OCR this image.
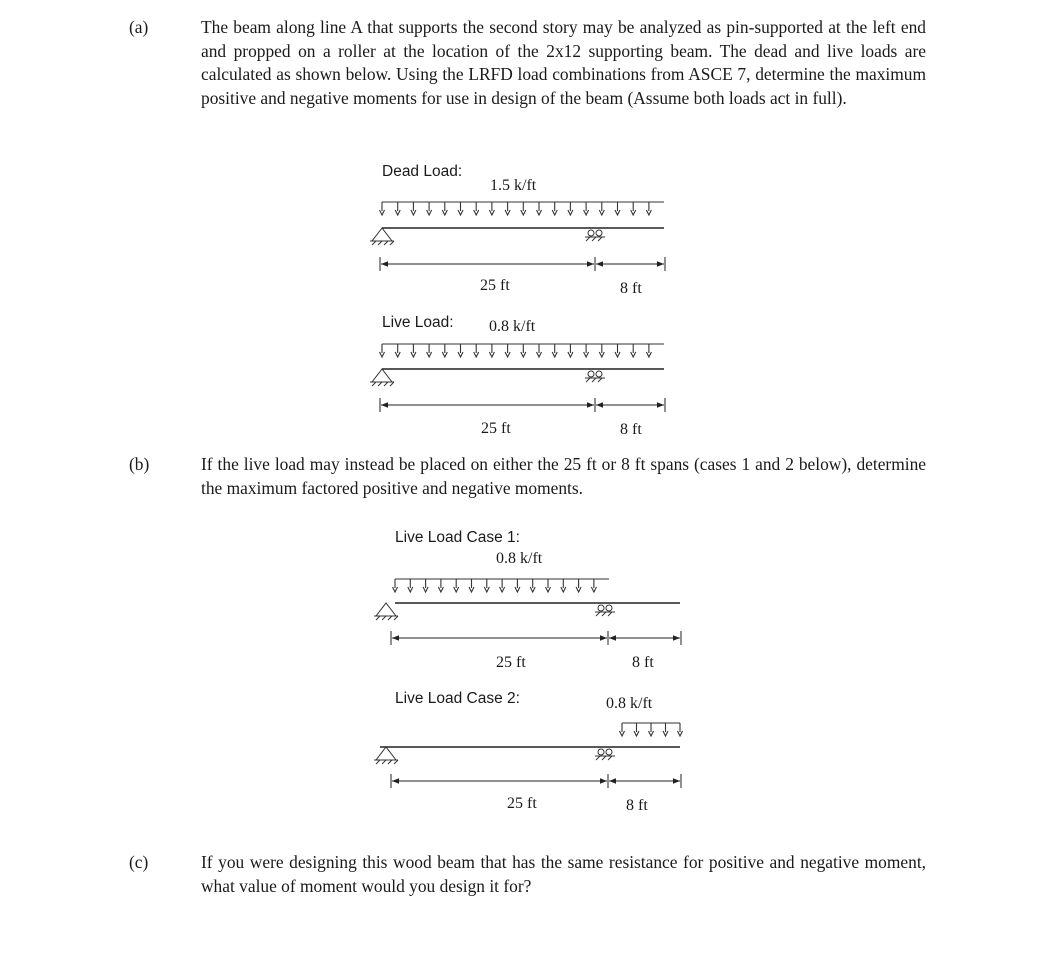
(a)	The beam along line A that supports the second story may be analyzed as pin-supported at the left end and propped on a roller at the location of the 2x12 supporting beam. The dead and live loads are calculated as shown below. Using the LRFD load combinations from ASCE 7, determine the maximum positive and negative moments for use in design of the beam (Assume both loads act in full).
(b)	If the live load may instead be placed on either the 25 ft or 8 ft spans (cases 1 and 2 below), determine the maximum factored positive and negative moments.
(c)	If you were designing this wood beam that has the same resistance for positive and negative moment, what value of moment would you design it for?
Dead Load:
1.5 k/ft
25 ft	8 ft
Live Load: 0.8 k/ft
25 ft	8 ft
Live Load Case 1:
0.8 k/ft
25 ft	8 ft
Live Load Case 2:	0.8 k/ft
25 ft	8 ft
